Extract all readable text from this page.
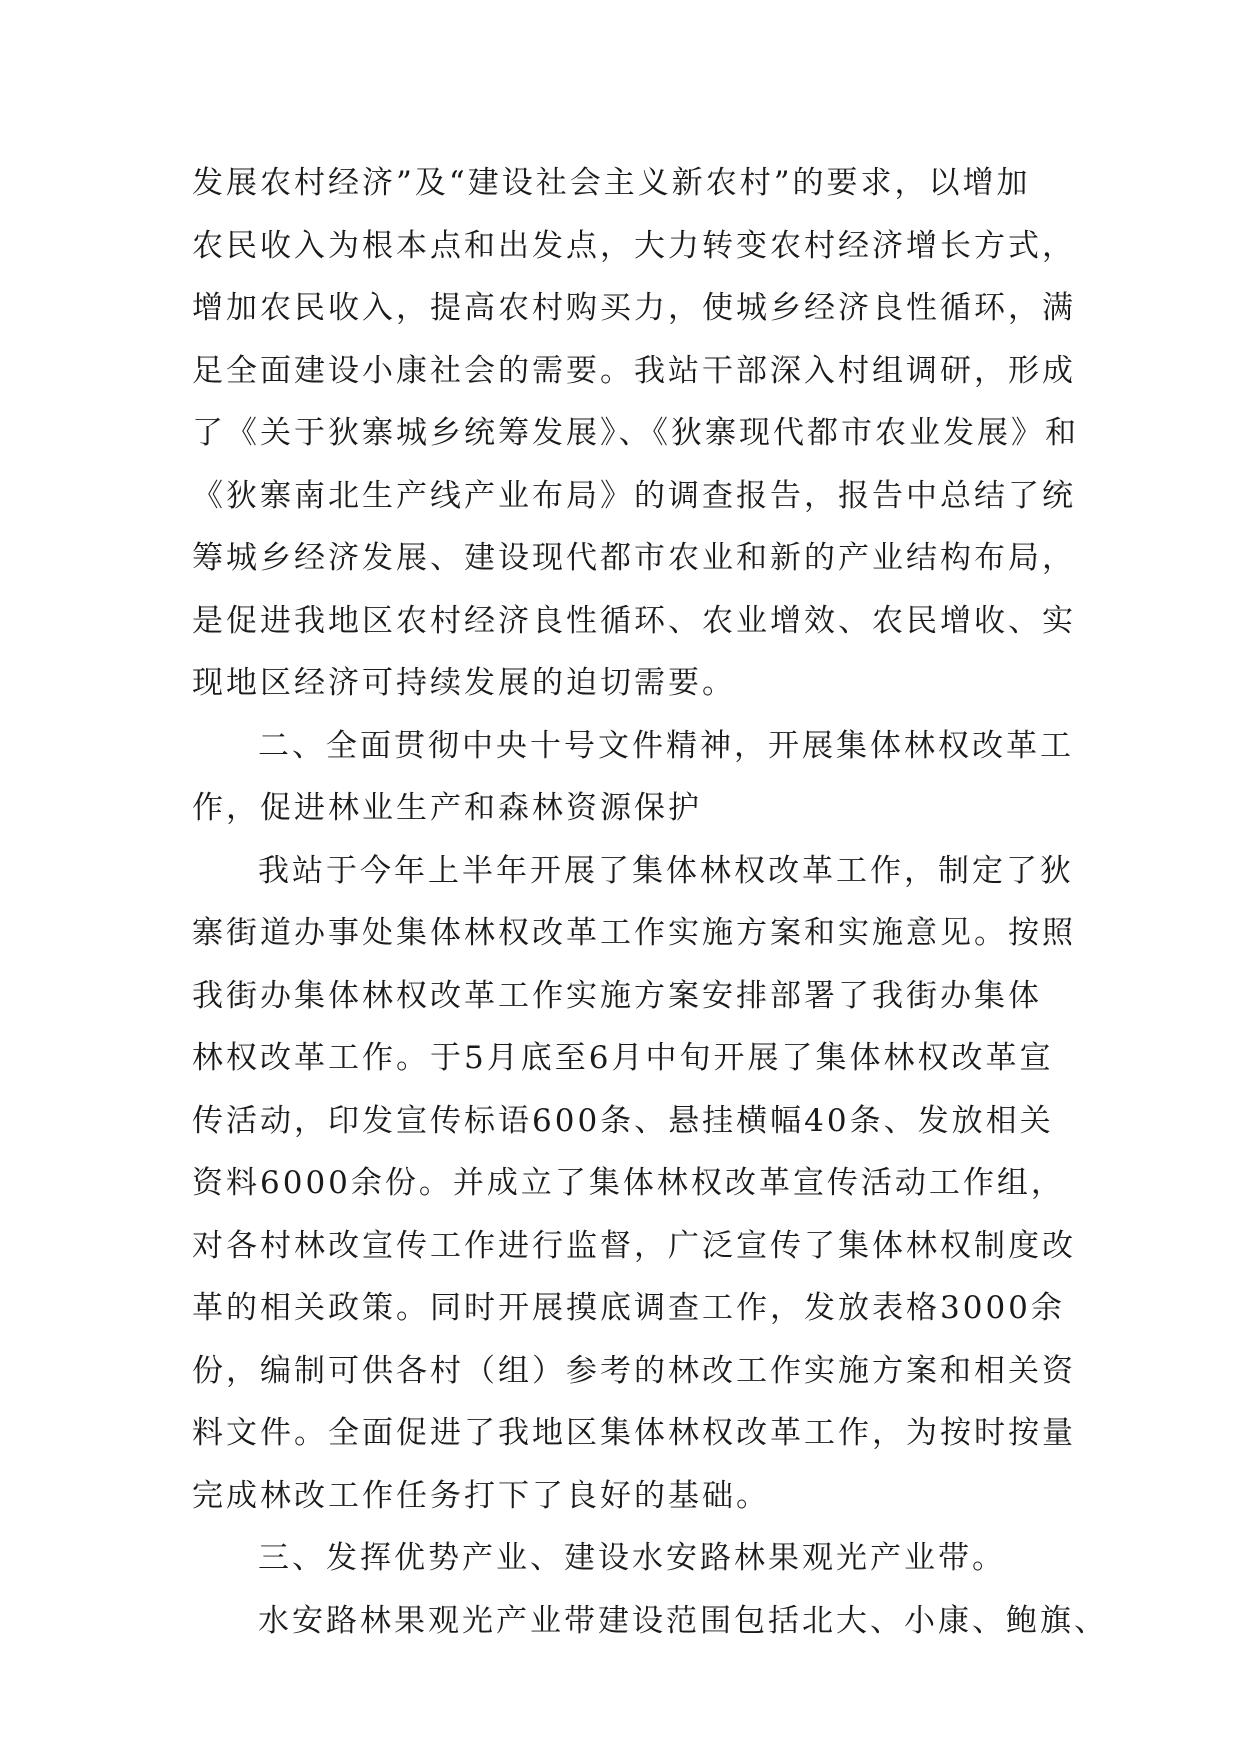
发展农村经济”及“建设社会主义新农村”的要求，以增加
农民收入为根本点和出发点，大力转变农村经济增长方式，
增加农民收入，提高农村购买力，使城乡经济良性循环，满
足全面建设小康社会的需要。我站干部深入村组调研，形成
了《关于狄寨城乡统筹发展》、《狄寨现代都市农业发展》和
《狄寨南北生产线产业布局》的调查报告，报告中总结了统
筹城乡经济发展、建设现代都市农业和新的产业结构布局，
是促进我地区农村经济良性循环、农业增效、农民增收、实
现地区经济可持续发展的迫切需要。
二、全面贯彻中央十号文件精神，开展集体林权改革工
作，促进林业生产和森林资源保护
我站于今年上半年开展了集体林权改革工作，制定了狄
寨街道办事处集体林权改革工作实施方案和实施意见。按照
我街办集体林权改革工作实施方案安排部署了我街办集体
林权改革工作。于5月底至6月中旬开展了集体林权改革宣
传活动，印发宣传标语600条、悬挂横幅40条、发放相关
资料6000余份。并成立了集体林权改革宣传活动工作组，
对各村林改宣传工作进行监督，广泛宣传了集体林权制度改
革的相关政策。同时开展摸底调查工作，发放表格3000余
份，编制可供各村（组）参考的林改工作实施方案和相关资
料文件。全面促进了我地区集体林权改革工作，为按时按量
完成林改工作任务打下了良好的基础。
三、发挥优势产业、建设水安路林果观光产业带。
水安路林果观光产业带建设范围包括北大、小康、鲍旗、
